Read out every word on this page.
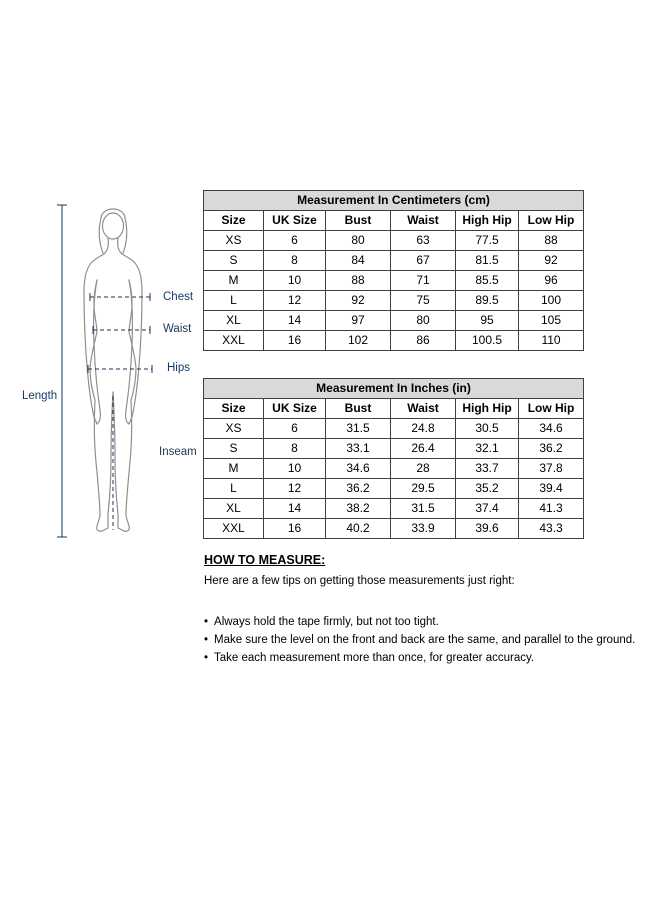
Length
Chest
Waist
Hips
Inseam
Measurement In Centimeters (cm)					
Size	UK Size	Bust	Waist	High Hip	Low Hip
XS	6	80	63	77.5	88
S	8	84	67	81.5	92
M	10	88	71	85.5	96
L	12	92	75	89.5	100
XL	14	97	80	95	105
XXL	16	102	86	100.5	110
Measurement In Inches (in)					
Size	UK Size	Bust	Waist	High Hip	Low Hip
XS	6	31.5	24.8	30.5	34.6
S	8	33.1	26.4	32.1	36.2
M	10	34.6	28	33.7	37.8
L	12	36.2	29.5	35.2	39.4
XL	14	38.2	31.5	37.4	41.3
XXL	16	40.2	33.9	39.6	43.3
HOW TO MEASURE:
Here are a few tips on getting those measurements just right:
• Always hold the tape firmly, but not too tight.
• Make sure the level on the front and back are the same, and parallel to the ground.
• Take each measurement more than once, for greater accuracy.
